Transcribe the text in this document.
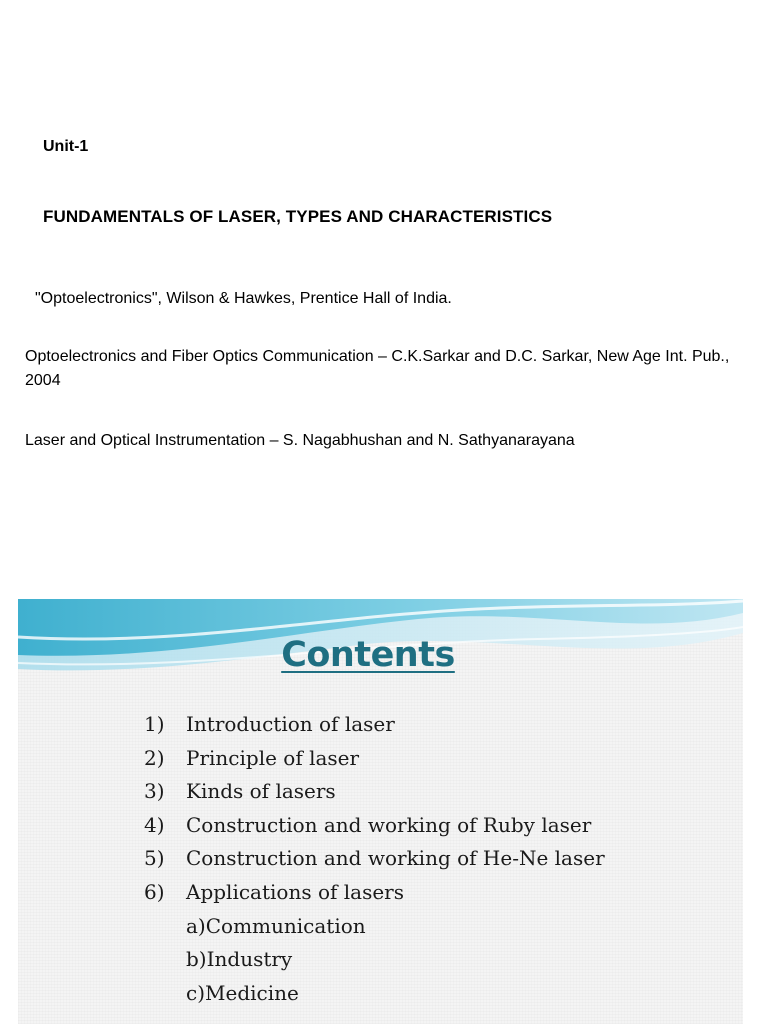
Unit-1
FUNDAMENTALS OF LASER, TYPES AND CHARACTERISTICS
"Optoelectronics", Wilson & Hawkes, Prentice Hall of India.
Optoelectronics and Fiber Optics Communication – C.K.Sarkar and D.C. Sarkar, New Age Int. Pub., 2004
Laser and Optical Instrumentation – S. Nagabhushan and N. Sathyanarayana
Contents
1) Introduction of laser
2) Principle of laser
3) Kinds of lasers
4) Construction and working of Ruby laser
5) Construction and working of He-Ne laser
6) Applications of lasers
a)Communication
b)Industry
c)Medicine
